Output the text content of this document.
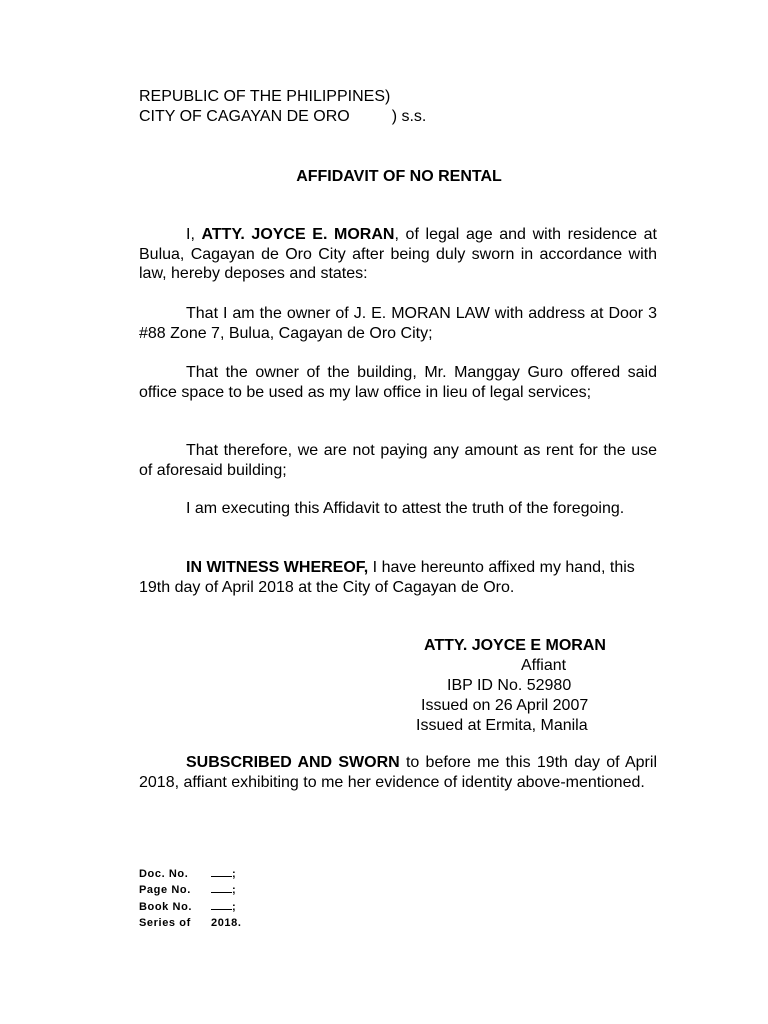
REPUBLIC OF THE PHILIPPINES)
CITY OF CAGAYAN DE ORO	) s.s.
AFFIDAVIT OF NO RENTAL
I, ATTY. JOYCE E. MORAN, of legal age and with residence at Bulua, Cagayan de Oro City after being duly sworn in accordance with law, hereby deposes and states:
That I am the owner of J. E. MORAN LAW with address at Door 3 #88 Zone 7, Bulua, Cagayan de Oro City;
That the owner of the building, Mr. Manggay Guro offered said office space to be used as my law office in lieu of legal services;
That therefore, we are not paying any amount as rent for the use of aforesaid building;
I am executing this Affidavit to attest the truth of the foregoing.
IN WITNESS WHEREOF, I have hereunto affixed my hand, this 19th day of April 2018 at the City of Cagayan de Oro.
ATTY. JOYCE E MORAN
Affiant
IBP ID No. 52980
Issued on 26 April 2007
Issued at Ermita, Manila
SUBSCRIBED AND SWORN to before me this 19th day of April 2018, affiant exhibiting to me her evidence of identity above-mentioned.
Doc. No.	;
Page No.	;
Book No.	;
Series of 2018.
